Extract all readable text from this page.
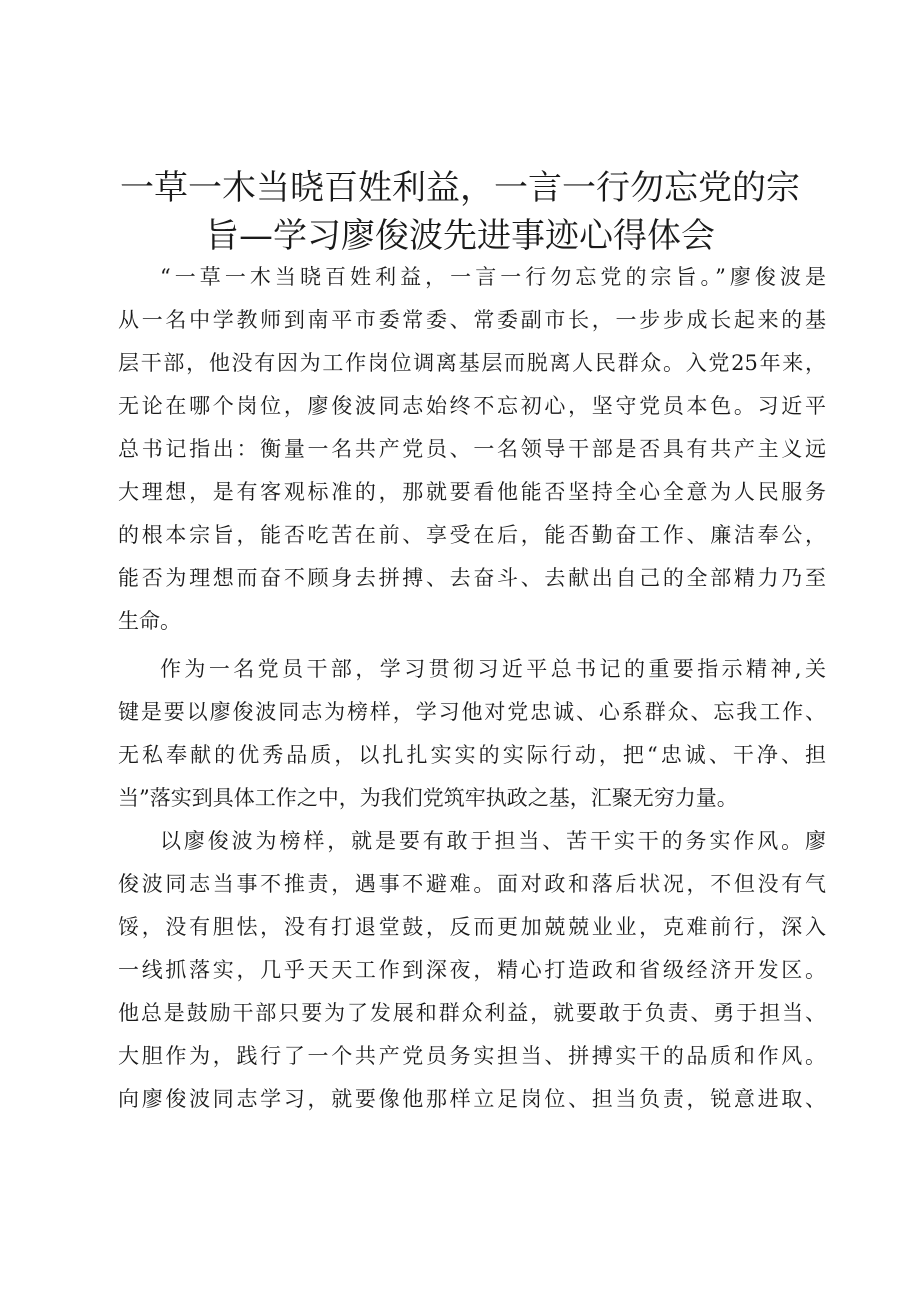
一草一木当晓百姓利益，一言一行勿忘党的宗
旨—学习廖俊波先进事迹心得体会
“一草一木当晓百姓利益，一言一行勿忘党的宗旨。”廖俊波是
从一名中学教师到南平市委常委、常委副市长，一步步成长起来的基
层干部，他没有因为工作岗位调离基层而脱离人民群众。入党25年来，
无论在哪个岗位，廖俊波同志始终不忘初心，坚守党员本色。习近平
总书记指出：衡量一名共产党员、一名领导干部是否具有共产主义远
大理想，是有客观标准的，那就要看他能否坚持全心全意为人民服务
的根本宗旨，能否吃苦在前、享受在后，能否勤奋工作、廉洁奉公，
能否为理想而奋不顾身去拼搏、去奋斗、去献出自己的全部精力乃至
生命。
作为一名党员干部，学习贯彻习近平总书记的重要指示精神,关
键是要以廖俊波同志为榜样，学习他对党忠诚、心系群众、忘我工作、
无私奉献的优秀品质，以扎扎实实的实际行动，把“忠诚、干净、担
当”落实到具体工作之中，为我们党筑牢执政之基，汇聚无穷力量。
以廖俊波为榜样，就是要有敢于担当、苦干实干的务实作风。廖
俊波同志当事不推责，遇事不避难。面对政和落后状况，不但没有气
馁，没有胆怯，没有打退堂鼓，反而更加兢兢业业，克难前行，深入
一线抓落实，几乎天天工作到深夜，精心打造政和省级经济开发区。
他总是鼓励干部只要为了发展和群众利益，就要敢于负责、勇于担当、
大胆作为，践行了一个共产党员务实担当、拼搏实干的品质和作风。
向廖俊波同志学习，就要像他那样立足岗位、担当负责，锐意进取、
